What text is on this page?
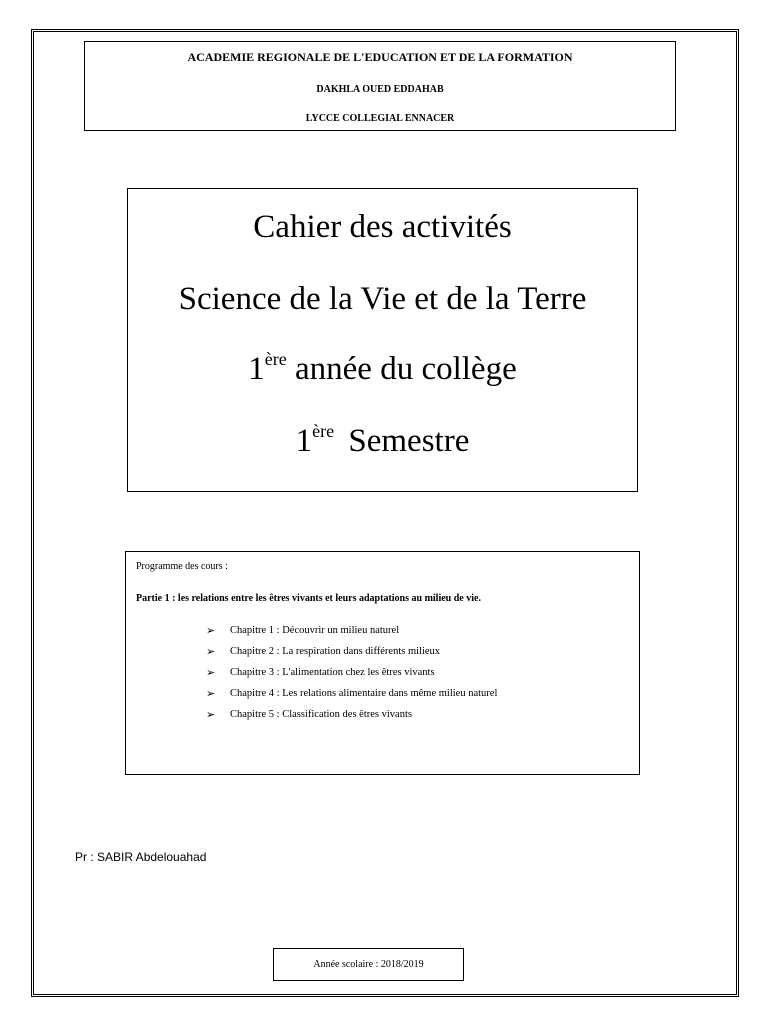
ACADEMIE REGIONALE DE L'EDUCATION ET DE LA FORMATION
DAKHLA OUED EDDAHAB
LYCCE COLLEGIAL ENNACER
Cahier des activités
Science de la Vie et de la Terre
1ère année du collège
1ère Semestre
Programme des cours :
Partie 1 : les relations entre les êtres vivants et leurs adaptations au milieu de vie.
➢	Chapitre 1 : Découvrir un milieu naturel
➢	Chapitre 2 : La respiration dans différents milieux
➢	Chapitre 3 : L'alimentation chez les êtres vivants
➢	Chapitre 4 : Les relations alimentaire dans même milieu naturel
➢	Chapitre 5 : Classification des êtres vivants
Pr : SABIR Abdelouahad
Année scolaire : 2018/2019
